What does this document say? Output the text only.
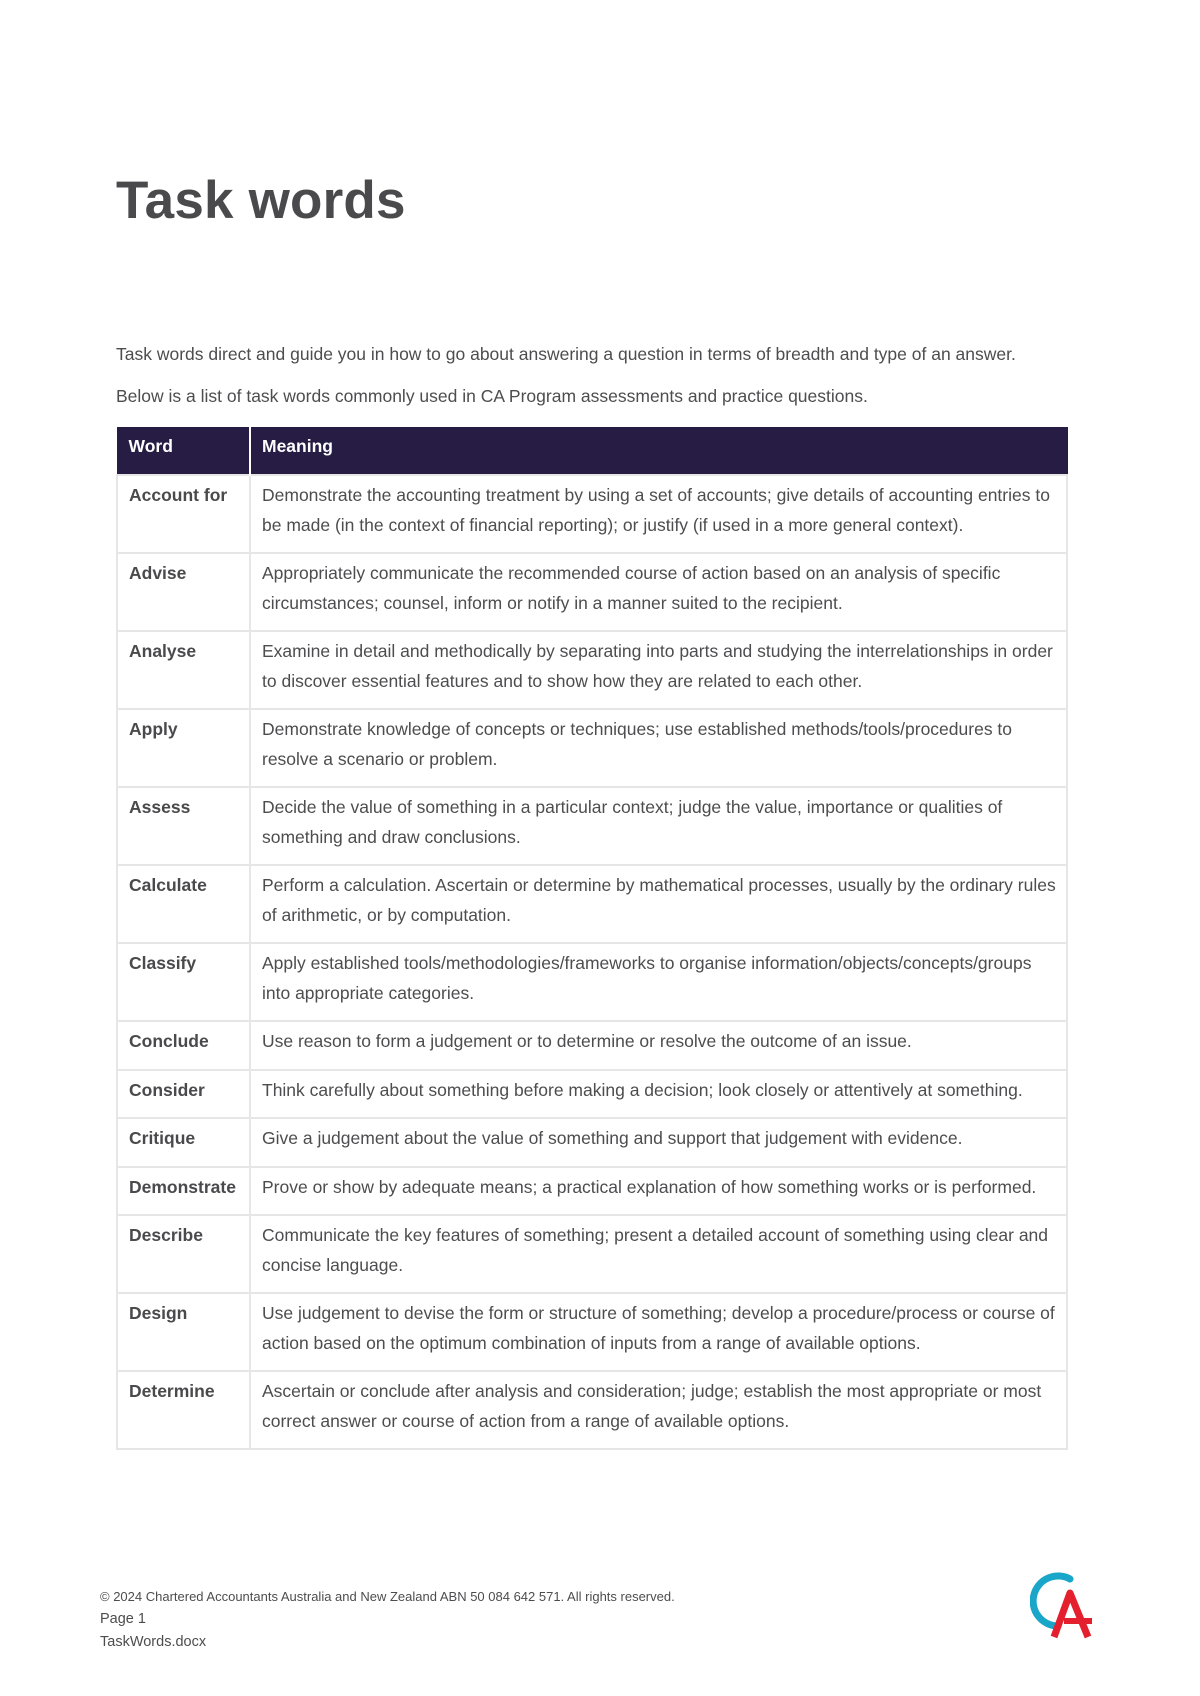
Task words

Task words direct and guide you in how to go about answering a question in terms of breadth and type of an answer.

Below is a list of task words commonly used in CA Program assessments and practice questions.

Word	Meaning
Account for	Demonstrate the accounting treatment by using a set of accounts; give details of accounting entries to be made (in the context of financial reporting); or justify (if used in a more general context).
Advise	Appropriately communicate the recommended course of action based on an analysis of specific circumstances; counsel, inform or notify in a manner suited to the recipient.
Analyse	Examine in detail and methodically by separating into parts and studying the interrelationships in order to discover essential features and to show how they are related to each other.
Apply	Demonstrate knowledge of concepts or techniques; use established methods/tools/procedures to resolve a scenario or problem.
Assess	Decide the value of something in a particular context; judge the value, importance or qualities of something and draw conclusions.
Calculate	Perform a calculation. Ascertain or determine by mathematical processes, usually by the ordinary rules of arithmetic, or by computation.
Classify	Apply established tools/methodologies/frameworks to organise information/objects/concepts/groups into appropriate categories.
Conclude	Use reason to form a judgement or to determine or resolve the outcome of an issue.
Consider	Think carefully about something before making a decision; look closely or attentively at something.
Critique	Give a judgement about the value of something and support that judgement with evidence.
Demonstrate	Prove or show by adequate means; a practical explanation of how something works or is performed.
Describe	Communicate the key features of something; present a detailed account of something using clear and concise language.
Design	Use judgement to devise the form or structure of something; develop a procedure/process or course of action based on the optimum combination of inputs from a range of available options.
Determine	Ascertain or conclude after analysis and consideration; judge; establish the most appropriate or most correct answer or course of action from a range of available options.
© 2024 Chartered Accountants Australia and New Zealand ABN 50 084 642 571. All rights reserved.
Page 1
TaskWords.docx
